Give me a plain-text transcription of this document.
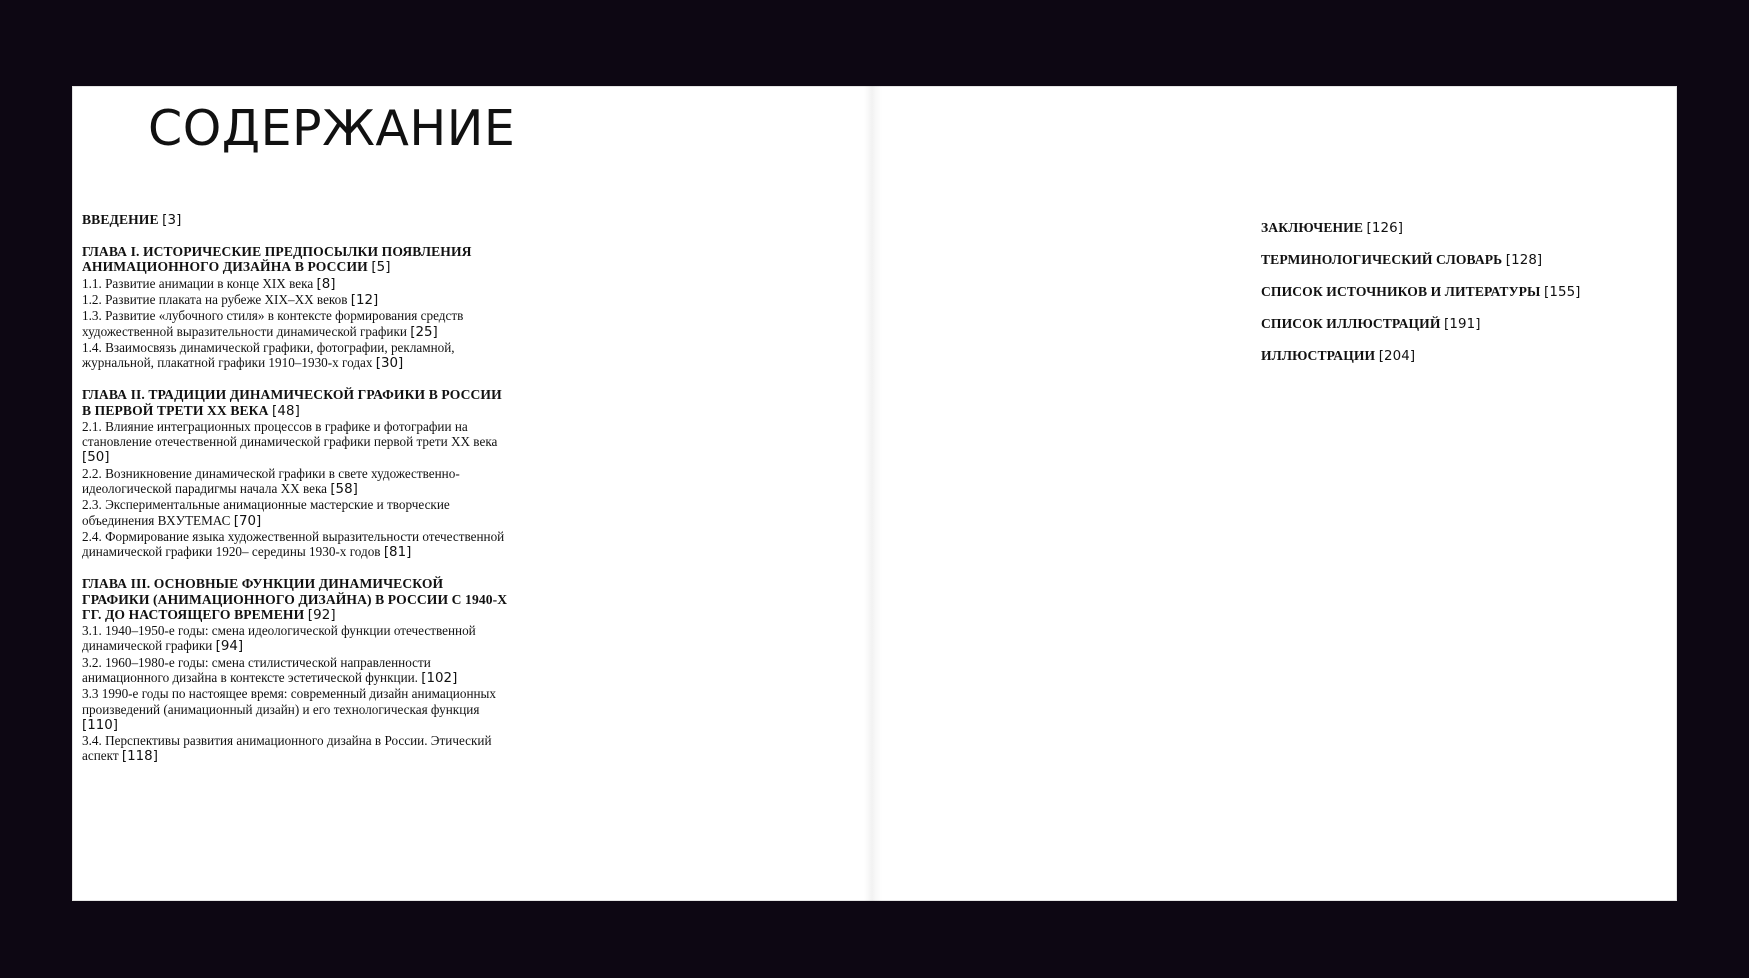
СОДЕРЖАНИЕ
ВВЕДЕНИЕ [3]
ГЛАВА I. ИСТОРИЧЕСКИЕ ПРЕДПОСЫЛКИ ПОЯВЛЕНИЯ АНИМАЦИОННОГО ДИЗАЙНА В РОССИИ [5]
1.1. Развитие анимации в конце XIX века [8]
1.2. Развитие плаката на рубеже XIX–XX веков [12]
1.3. Развитие «лубочного стиля» в контексте формирования средств художественной выразительности динамической графики [25]
1.4. Взаимосвязь динамической графики, фотографии, рекламной, журнальной, плакатной графики 1910–1930-х годах [30]
ГЛАВА II. ТРАДИЦИИ ДИНАМИЧЕСКОЙ ГРАФИКИ В РОССИИ В ПЕРВОЙ ТРЕТИ XX ВЕКА [48]
2.1. Влияние интеграционных процессов в графике и фотографии на становление отечественной динамической графики первой трети XX века [50]
2.2. Возникновение динамической графики в свете художественно-идеологической парадигмы начала XX века [58]
2.3. Экспериментальные анимационные мастерские и творческие объединения ВХУТЕМАС [70]
2.4. Формирование языка художественной выразительности отечественной динамической графики 1920– середины 1930-х годов [81]
ГЛАВА III. ОСНОВНЫЕ ФУНКЦИИ ДИНАМИЧЕСКОЙ ГРАФИКИ (АНИМАЦИОННОГО ДИЗАЙНА) В РОССИИ С 1940-Х ГГ. ДО НАСТОЯЩЕГО ВРЕМЕНИ [92]
3.1. 1940–1950-е годы: смена идеологической функции отечественной динамической графики [94]
3.2. 1960–1980-е годы: смена стилистической направленности анимационного дизайна в контексте эстетической функции. [102]
3.3 1990-е годы по настоящее время: современный дизайн анимационных произведений (анимационный дизайн) и его технологическая функция [110]
3.4. Перспективы развития анимационного дизайна в России. Этический аспект [118]
ЗАКЛЮЧЕНИЕ [126]
ТЕРМИНОЛОГИЧЕСКИЙ СЛОВАРЬ [128]
СПИСОК ИСТОЧНИКОВ И ЛИТЕРАТУРЫ [155]
СПИСОК ИЛЛЮСТРАЦИЙ [191]
ИЛЛЮСТРАЦИИ [204]
